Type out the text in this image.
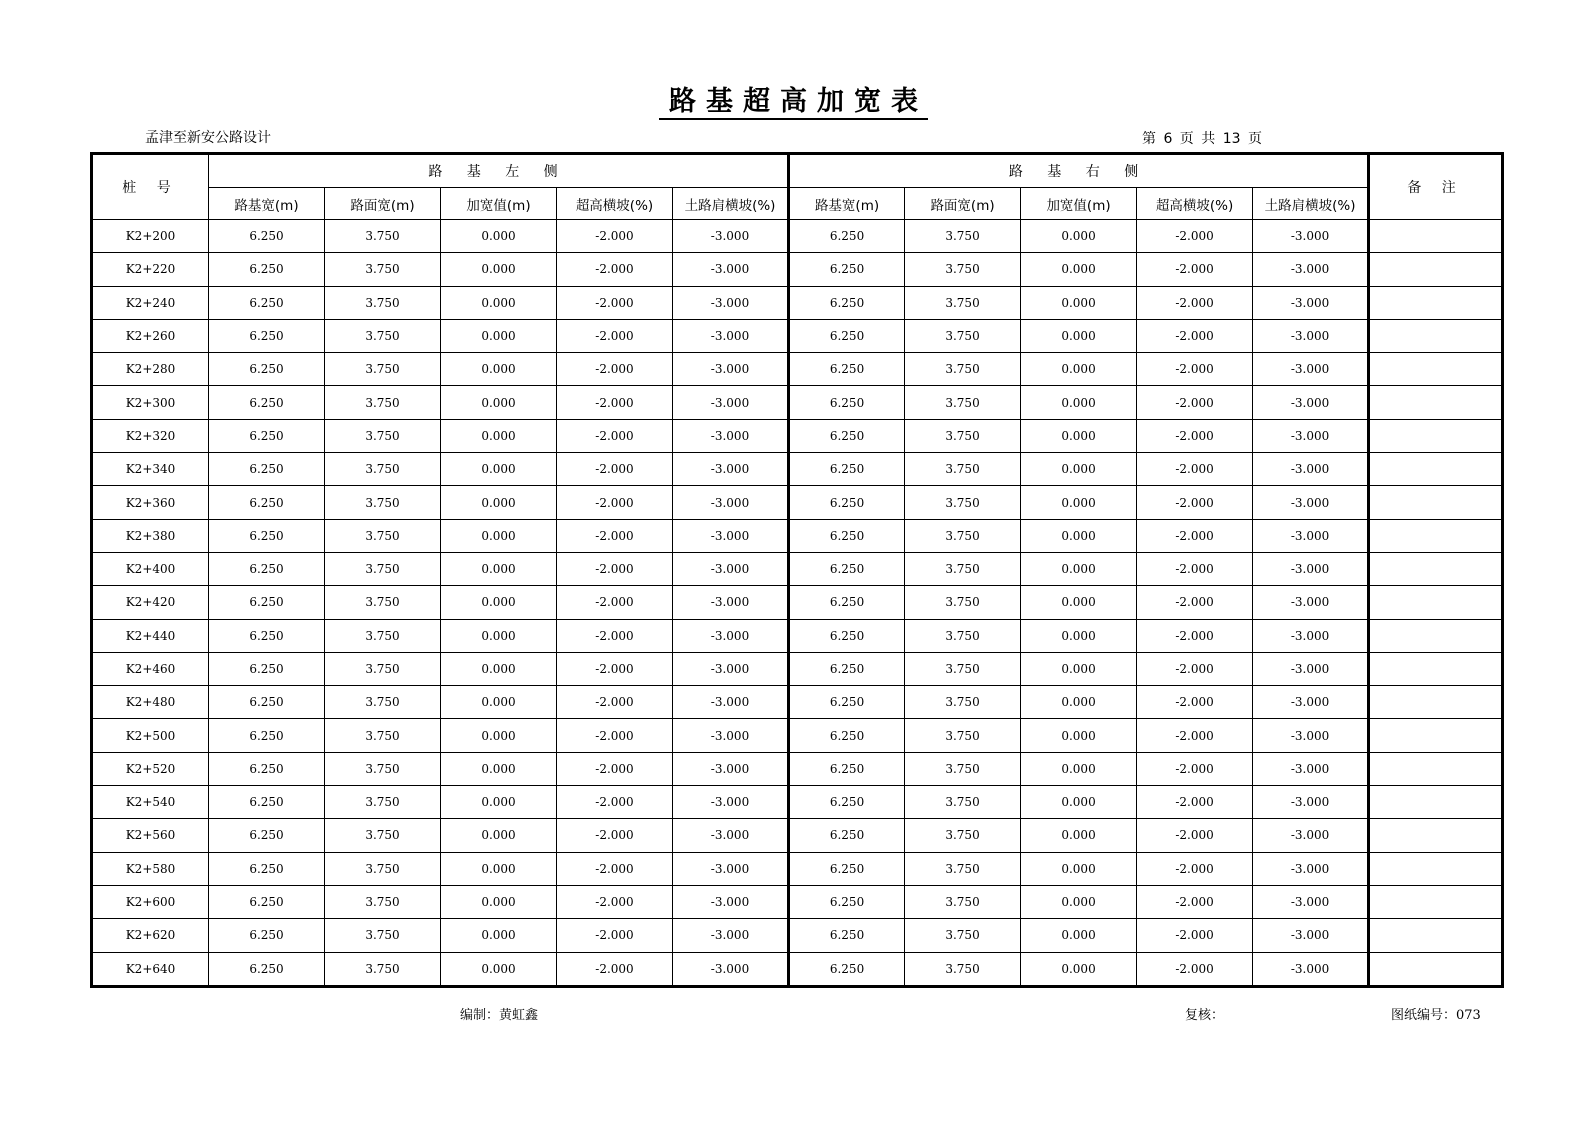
路基超高加宽表
孟津至新安公路设计	第 6 页 共 13 页
桩 号	路 基 左 侧					路 基 右 侧					备 注
	路基宽(m)	路面宽(m)	加宽值(m)	超高横坡(%)	土路肩横坡(%)	路基宽(m)	路面宽(m)	加宽值(m)	超高横坡(%)	土路肩横坡(%)	
K2+200	6.250	3.750	0.000	-2.000	-3.000	6.250	3.750	0.000	-2.000	-3.000	
K2+220	6.250	3.750	0.000	-2.000	-3.000	6.250	3.750	0.000	-2.000	-3.000	
K2+240	6.250	3.750	0.000	-2.000	-3.000	6.250	3.750	0.000	-2.000	-3.000	
K2+260	6.250	3.750	0.000	-2.000	-3.000	6.250	3.750	0.000	-2.000	-3.000	
K2+280	6.250	3.750	0.000	-2.000	-3.000	6.250	3.750	0.000	-2.000	-3.000	
K2+300	6.250	3.750	0.000	-2.000	-3.000	6.250	3.750	0.000	-2.000	-3.000	
K2+320	6.250	3.750	0.000	-2.000	-3.000	6.250	3.750	0.000	-2.000	-3.000	
K2+340	6.250	3.750	0.000	-2.000	-3.000	6.250	3.750	0.000	-2.000	-3.000	
K2+360	6.250	3.750	0.000	-2.000	-3.000	6.250	3.750	0.000	-2.000	-3.000	
K2+380	6.250	3.750	0.000	-2.000	-3.000	6.250	3.750	0.000	-2.000	-3.000	
K2+400	6.250	3.750	0.000	-2.000	-3.000	6.250	3.750	0.000	-2.000	-3.000	
K2+420	6.250	3.750	0.000	-2.000	-3.000	6.250	3.750	0.000	-2.000	-3.000	
K2+440	6.250	3.750	0.000	-2.000	-3.000	6.250	3.750	0.000	-2.000	-3.000	
K2+460	6.250	3.750	0.000	-2.000	-3.000	6.250	3.750	0.000	-2.000	-3.000	
K2+480	6.250	3.750	0.000	-2.000	-3.000	6.250	3.750	0.000	-2.000	-3.000	
K2+500	6.250	3.750	0.000	-2.000	-3.000	6.250	3.750	0.000	-2.000	-3.000	
K2+520	6.250	3.750	0.000	-2.000	-3.000	6.250	3.750	0.000	-2.000	-3.000	
K2+540	6.250	3.750	0.000	-2.000	-3.000	6.250	3.750	0.000	-2.000	-3.000	
K2+560	6.250	3.750	0.000	-2.000	-3.000	6.250	3.750	0.000	-2.000	-3.000	
K2+580	6.250	3.750	0.000	-2.000	-3.000	6.250	3.750	0.000	-2.000	-3.000	
K2+600	6.250	3.750	0.000	-2.000	-3.000	6.250	3.750	0.000	-2.000	-3.000	
K2+620	6.250	3.750	0.000	-2.000	-3.000	6.250	3.750	0.000	-2.000	-3.000	
K2+640	6.250	3.750	0.000	-2.000	-3.000	6.250	3.750	0.000	-2.000	-3.000	
编制：黄虹鑫	复核：	图纸编号：073
